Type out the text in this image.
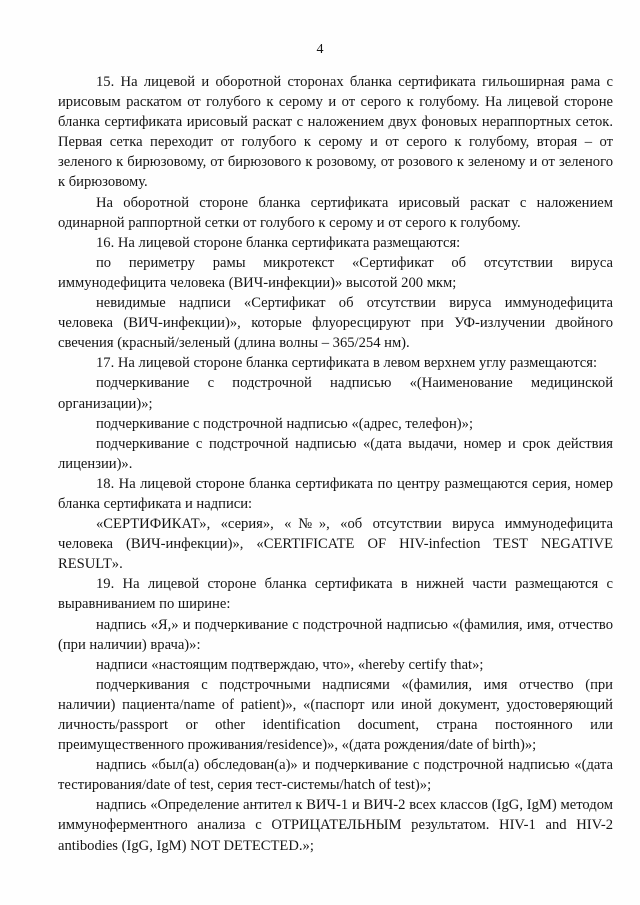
4

15. На лицевой и оборотной сторонах бланка сертификата гильоширная рама с ирисовым раскатом от голубого к серому и от серого к голубому. На лицевой стороне бланка сертификата ирисовый раскат с наложением двух фоновых нераппортных сеток. Первая сетка переходит от голубого к серому и от серого к голубому, вторая – от зеленого к бирюзовому, от бирюзового к розовому, от розового к зеленому и от зеленого к бирюзовому.

На оборотной стороне бланка сертификата ирисовый раскат с наложением одинарной раппортной сетки от голубого к серому и от серого к голубому.

16. На лицевой стороне бланка сертификата размещаются:

по периметру рамы микротекст «Сертификат об отсутствии вируса иммунодефицита человека (ВИЧ-инфекции)» высотой 200 мкм;

невидимые надписи «Сертификат об отсутствии вируса иммунодефицита человека (ВИЧ-инфекции)», которые флуоресцируют при УФ-излучении двойного свечения (красный/зеленый (длина волны – 365/254 нм).

17. На лицевой стороне бланка сертификата в левом верхнем углу размещаются:

подчеркивание с подстрочной надписью «(Наименование медицинской организации)»;

подчеркивание с подстрочной надписью «(адрес, телефон)»;

подчеркивание с подстрочной надписью «(дата выдачи, номер и срок действия лицензии)».

18. На лицевой стороне бланка сертификата по центру размещаются серия, номер бланка сертификата и надписи:

«СЕРТИФИКАТ», «серия», «№», «об отсутствии вируса иммунодефицита человека (ВИЧ-инфекции)», «CERTIFICATE OF HIV-infection TEST NEGATIVE RESULT».

19. На лицевой стороне бланка сертификата в нижней части размещаются с выравниванием по ширине:

надпись «Я,» и подчеркивание с подстрочной надписью «(фамилия, имя, отчество (при наличии) врача)»:

надписи «настоящим подтверждаю, что», «hereby certify that»;

подчеркивания с подстрочными надписями «(фамилия, имя отчество (при наличии) пациента/name of patient)», «(паспорт или иной документ, удостоверяющий личность/passport or other identification document, страна постоянного или преимущественного проживания/residence)», «(дата рождения/date of birth)»;

надпись «был(а) обследован(а)» и подчеркивание с подстрочной надписью «(дата тестирования/date of test, серия тест-системы/hatch of test)»;

надпись «Определение антител к ВИЧ-1 и ВИЧ-2 всех классов (IgG, IgM) методом иммуноферментного анализа с ОТРИЦАТЕЛЬНЫМ результатом. HIV-1 and HIV-2 antibodies (IgG, IgM) NOT DETECTED.»;
